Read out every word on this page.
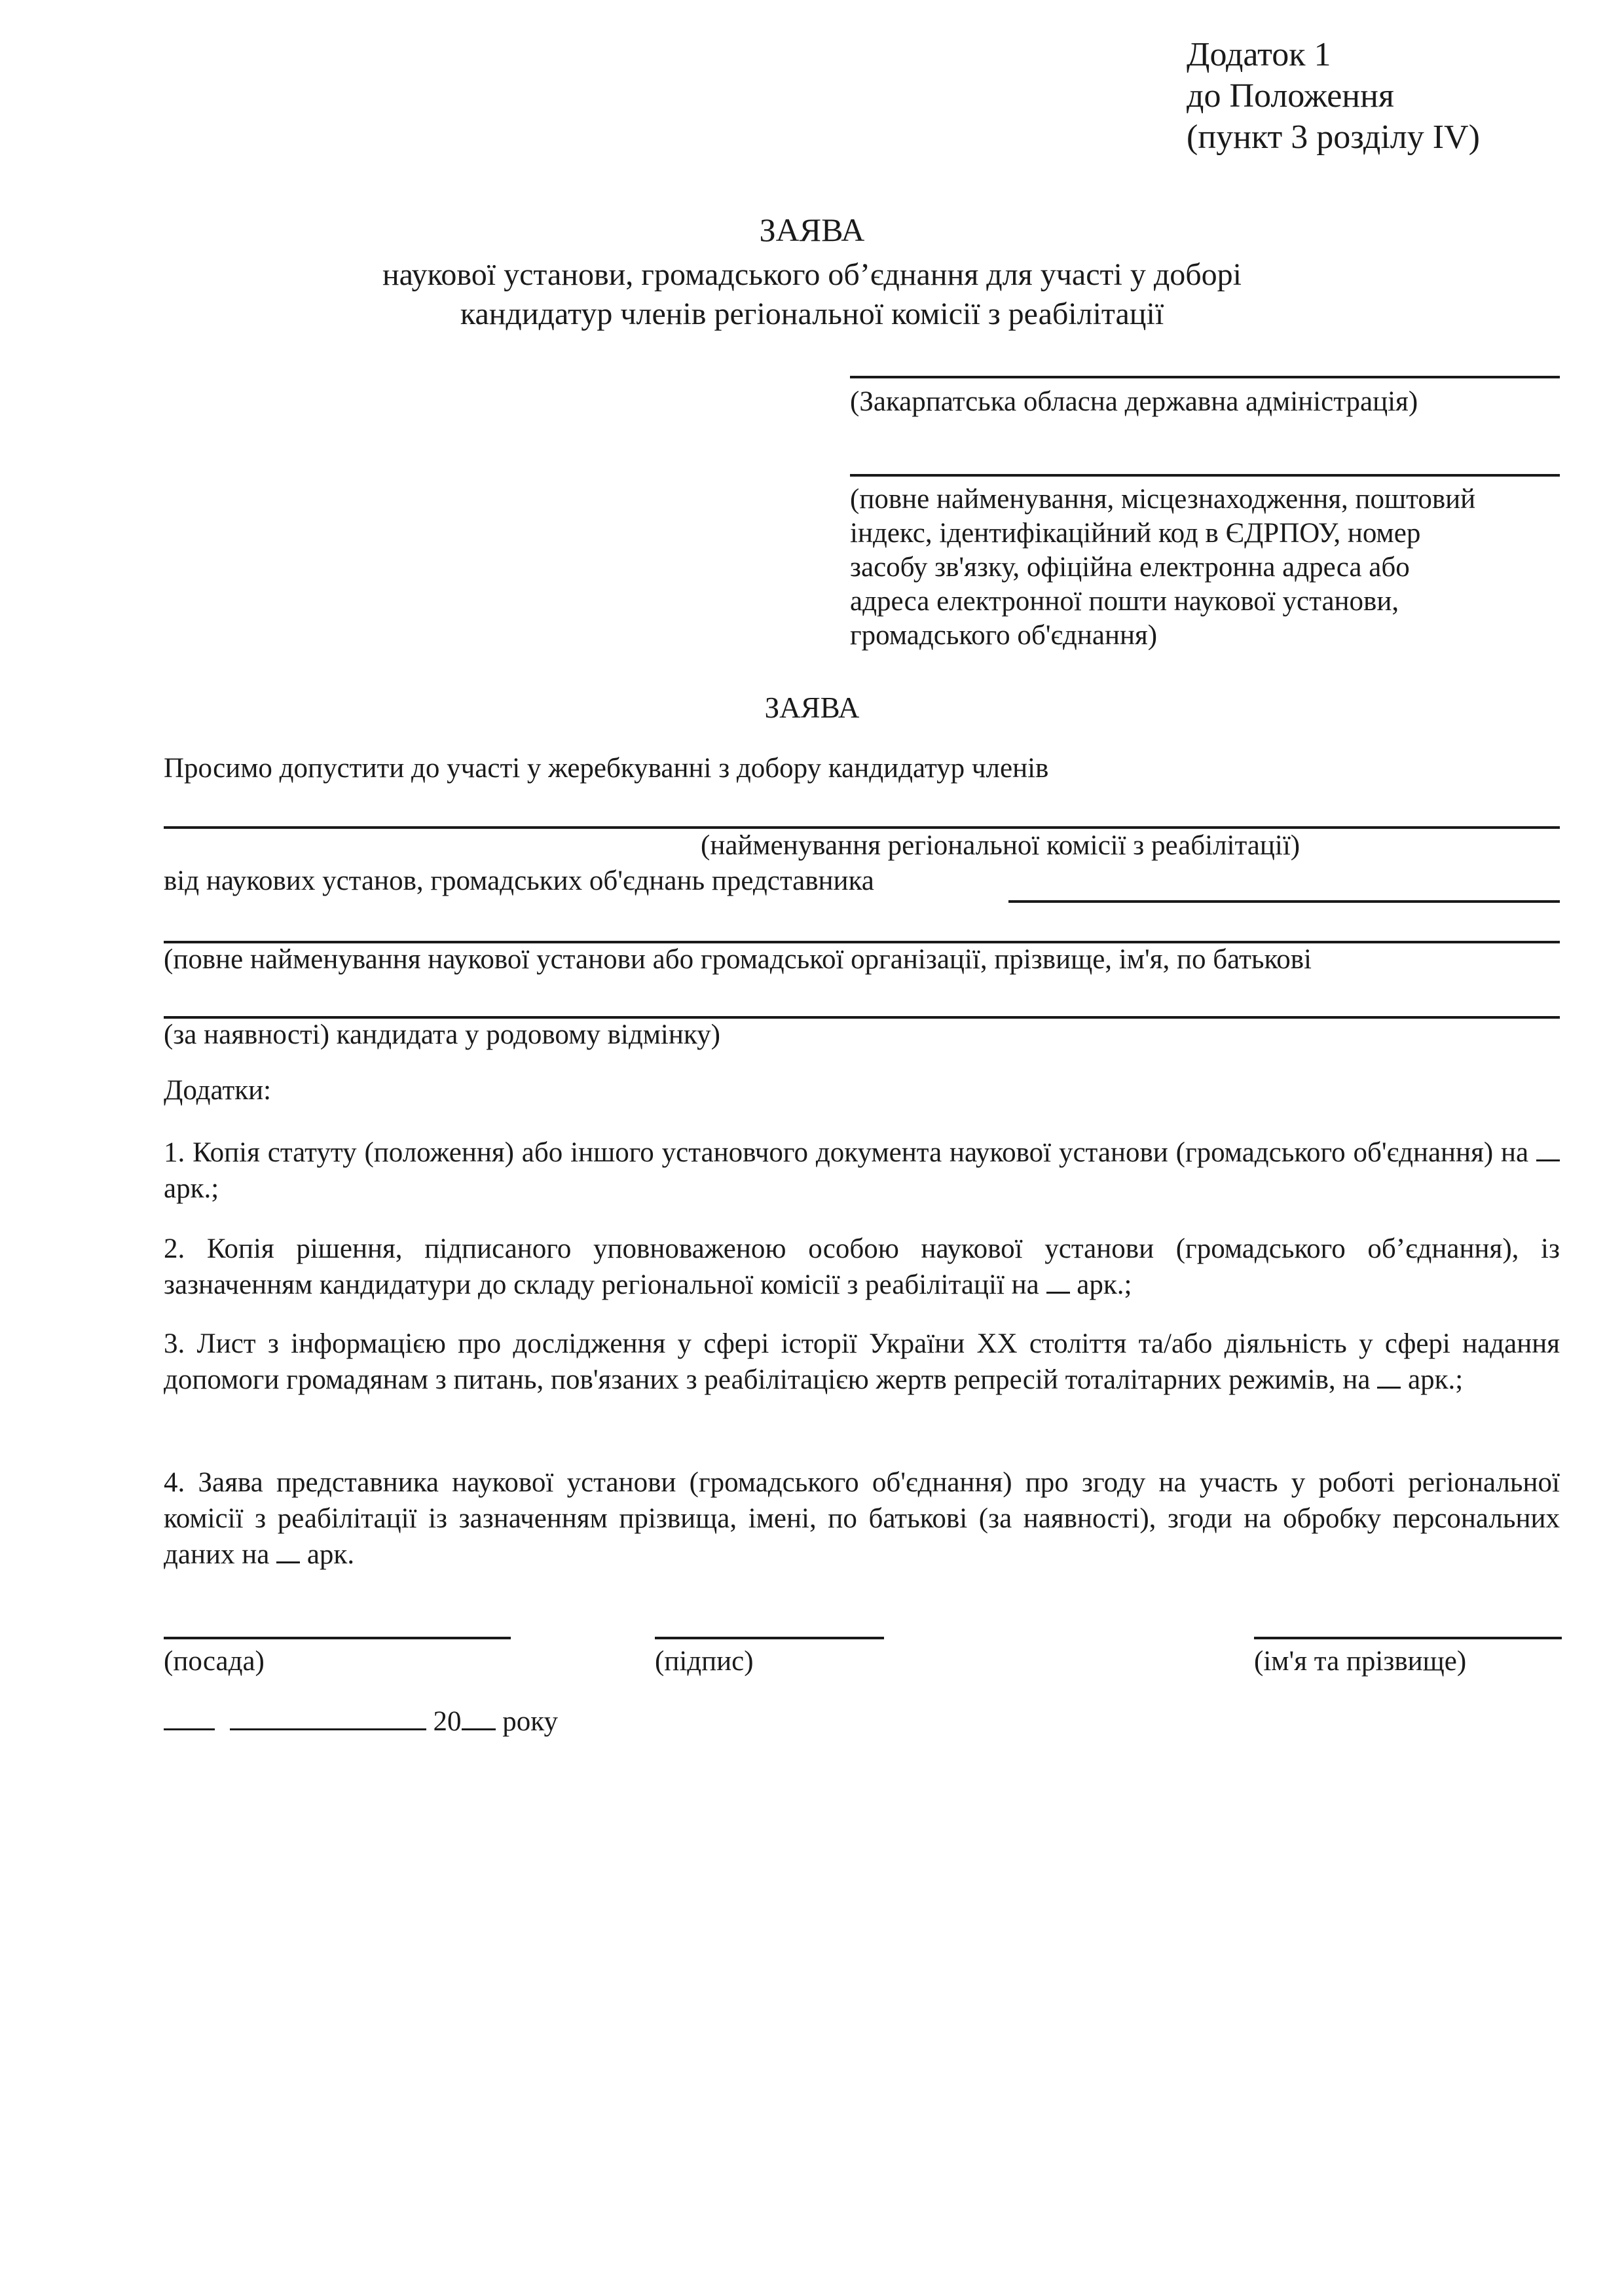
Додаток 1
до Положення
(пункт 3 розділу IV)
ЗАЯВА
наукової установи, громадського об’єднання для участі у доборі
кандидатур членів регіональної комісії з реабілітації
(Закарпатська обласна державна адміністрація)
(повне найменування, місцезнаходження, поштовий
індекс, ідентифікаційний код в ЄДРПОУ, номер
засобу зв'язку, офіційна електронна адреса або
адреса електронної пошти наукової установи,
громадського об'єднання)
ЗАЯВА
Просимо допустити до участі у жеребкуванні з добору кандидатур членів
(найменування регіональної комісії з реабілітації)
від наукових установ, громадських об'єднань представника
(повне найменування наукової установи або громадської організації, прізвище, ім'я, по батькові
(за наявності) кандидата у родовому відмінку)
Додатки:
1. Копія статуту (положення) або іншого установчого документа наукової установи (громадського об'єднання) на  арк.;
2. Копія рішення, підписаного уповноваженою особою наукової установи (громадського об’єднання), із зазначенням кандидатури до складу регіональної комісії з реабілітації на арк.;
3. Лист з інформацією про дослідження у сфері історії України XX століття та/або діяльність у сфері надання допомоги громадянам з питань, пов'язаних з реабілітацією жертв репресій тоталітарних режимів, на арк.;
4. Заява представника наукової установи (громадського об'єднання) про згоду на участь у роботі регіональної комісії з реабілітації із зазначенням прізвища, імені, по батькові (за наявності), згоди на обробку персональних даних на арк.
(посада)	(підпис)	(ім'я та прізвище)
20 року
